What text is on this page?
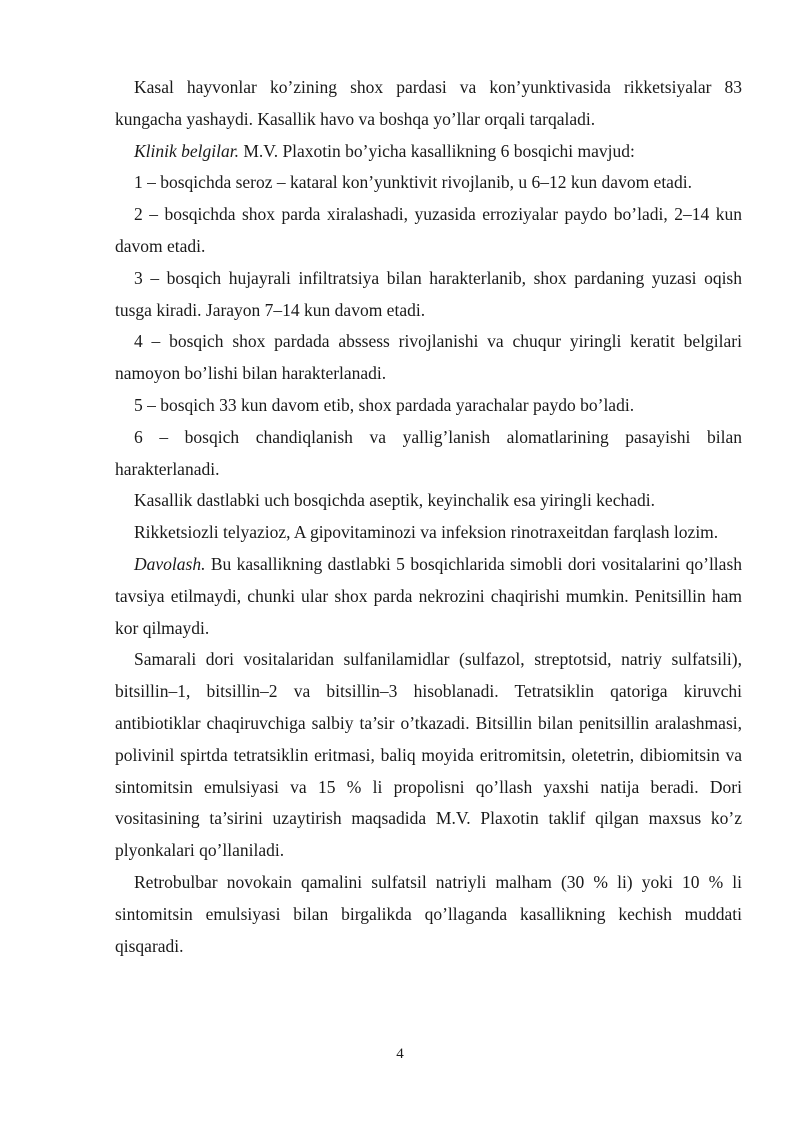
Kasal hayvonlar ko’zining shox pardasi va kon’yunktivasida rikketsiyalar 83 kungacha yashaydi. Kasallik havo va boshqa yo’llar orqali tarqaladi.

Klinik belgilar. M.V. Plaxotin bo’yicha kasallikning 6 bosqichi mavjud:

1 – bosqichda seroz – kataral kon’yunktivit rivojlanib, u 6–12 kun davom etadi.

2 – bosqichda shox parda xiralashadi, yuzasida erroziyalar paydo bo’ladi, 2–14 kun davom etadi.

3 – bosqich hujayrali infiltratsiya bilan harakterlanib, shox pardaning yuzasi oqish tusga kiradi. Jarayon 7–14 kun davom etadi.

4 – bosqich shox pardada abssess rivojlanishi va chuqur yiringli keratit belgilari namoyon bo’lishi bilan harakterlanadi.

5 – bosqich 33 kun davom etib, shox pardada yarachalar paydo bo’ladi.

6 – bosqich chandiqlanish va yallig’lanish alomatlarining pasayishi bilan harakterlanadi.

Kasallik dastlabki uch bosqichda aseptik, keyinchalik esa yiringli kechadi.

Rikketsiozli telyazioz, A gipovitaminozi va infeksion rinotraxeitdan farqlash lozim.

Davolash. Bu kasallikning dastlabki 5 bosqichlarida simobli dori vositalarini qo’llash tavsiya etilmaydi, chunki ular shox parda nekrozini chaqirishi mumkin. Penitsillin ham kor qilmaydi.

Samarali dori vositalaridan sulfanilamidlar (sulfazol, streptotsid, natriy sulfatsili), bitsillin–1, bitsillin–2 va bitsillin–3 hisoblanadi. Tetratsiklin qatoriga kiruvchi antibiotiklar chaqiruvchiga salbiy ta’sir o’tkazadi. Bitsillin bilan penitsillin aralashmasi, polivinil spirtda tetratsiklin eritmasi, baliq moyida eritromitsin, oletetrin, dibiomitsin va sintomitsin emulsiyasi va 15 % li propolisni qo’llash yaxshi natija beradi. Dori vositasining ta’sirini uzaytirish maqsadida M.V. Plaxotin taklif qilgan maxsus ko’z plyonkalari qo’llaniladi.

Retrobulbar novokain qamalini sulfatsil natriyli malham (30 % li) yoki 10 % li sintomitsin emulsiyasi bilan birgalikda qo’llaganda kasallikning kechish muddati qisqaradi.

4
